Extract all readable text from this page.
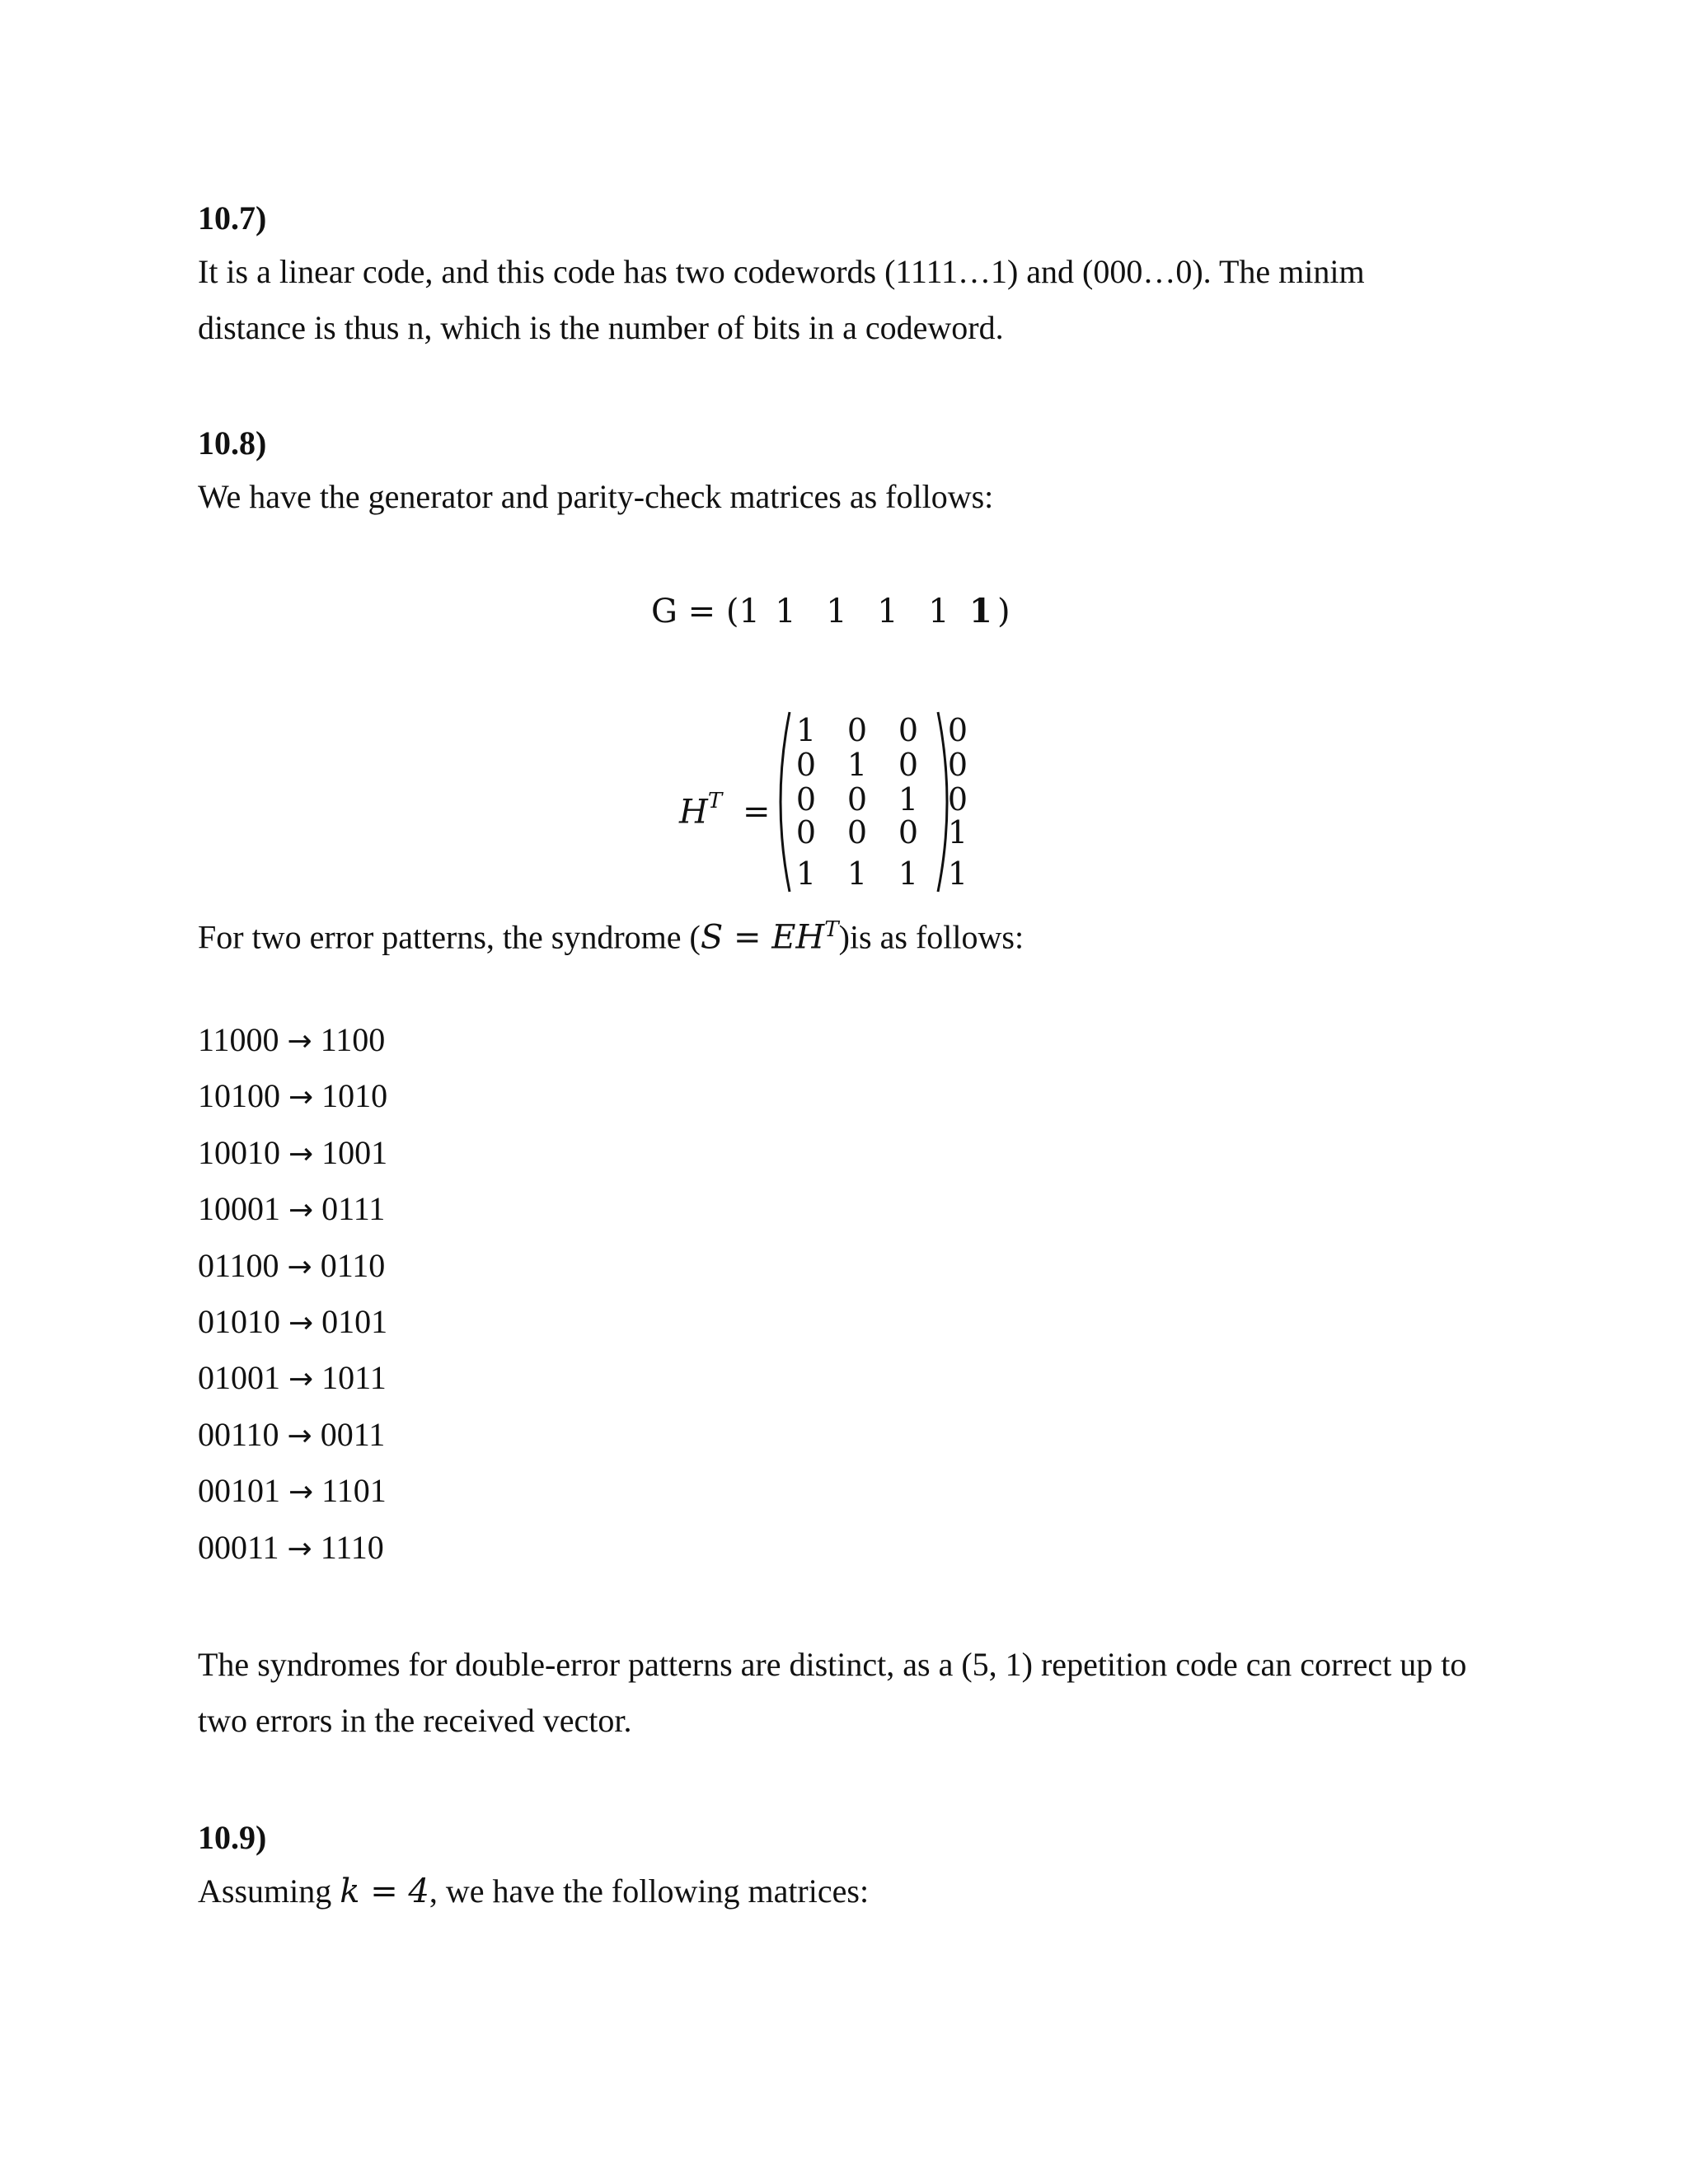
10.7)
It is a linear code, and this code has two codewords (1111…1) and (000…0). The minim
distance is thus n, which is the number of bits in a codeword.
10.8)
We have the generator and parity-check matrices as follows:
G = (1 1 1 1 1 1 )
$H^T$ =
1 0 0 0
0 1 0 0
0 0 1 0
0 0 0 1
1 1 1 1
For two error patterns, the syndrome $(S = EH^T)is$ as follows:
11000 → 1100
10100 → 1010
10010 → 1001
10001 → 0111
01100 → 0110
01010 → 0101
01001 → 1011
00110 → 0011
00101 → 1101
00011 → 1110
The syndromes for double-error patterns are distinct, as a (5, 1) repetition code can correct up to
two errors in the received vector.
10.9)
Assuming k = 4, we have the following matrices:
